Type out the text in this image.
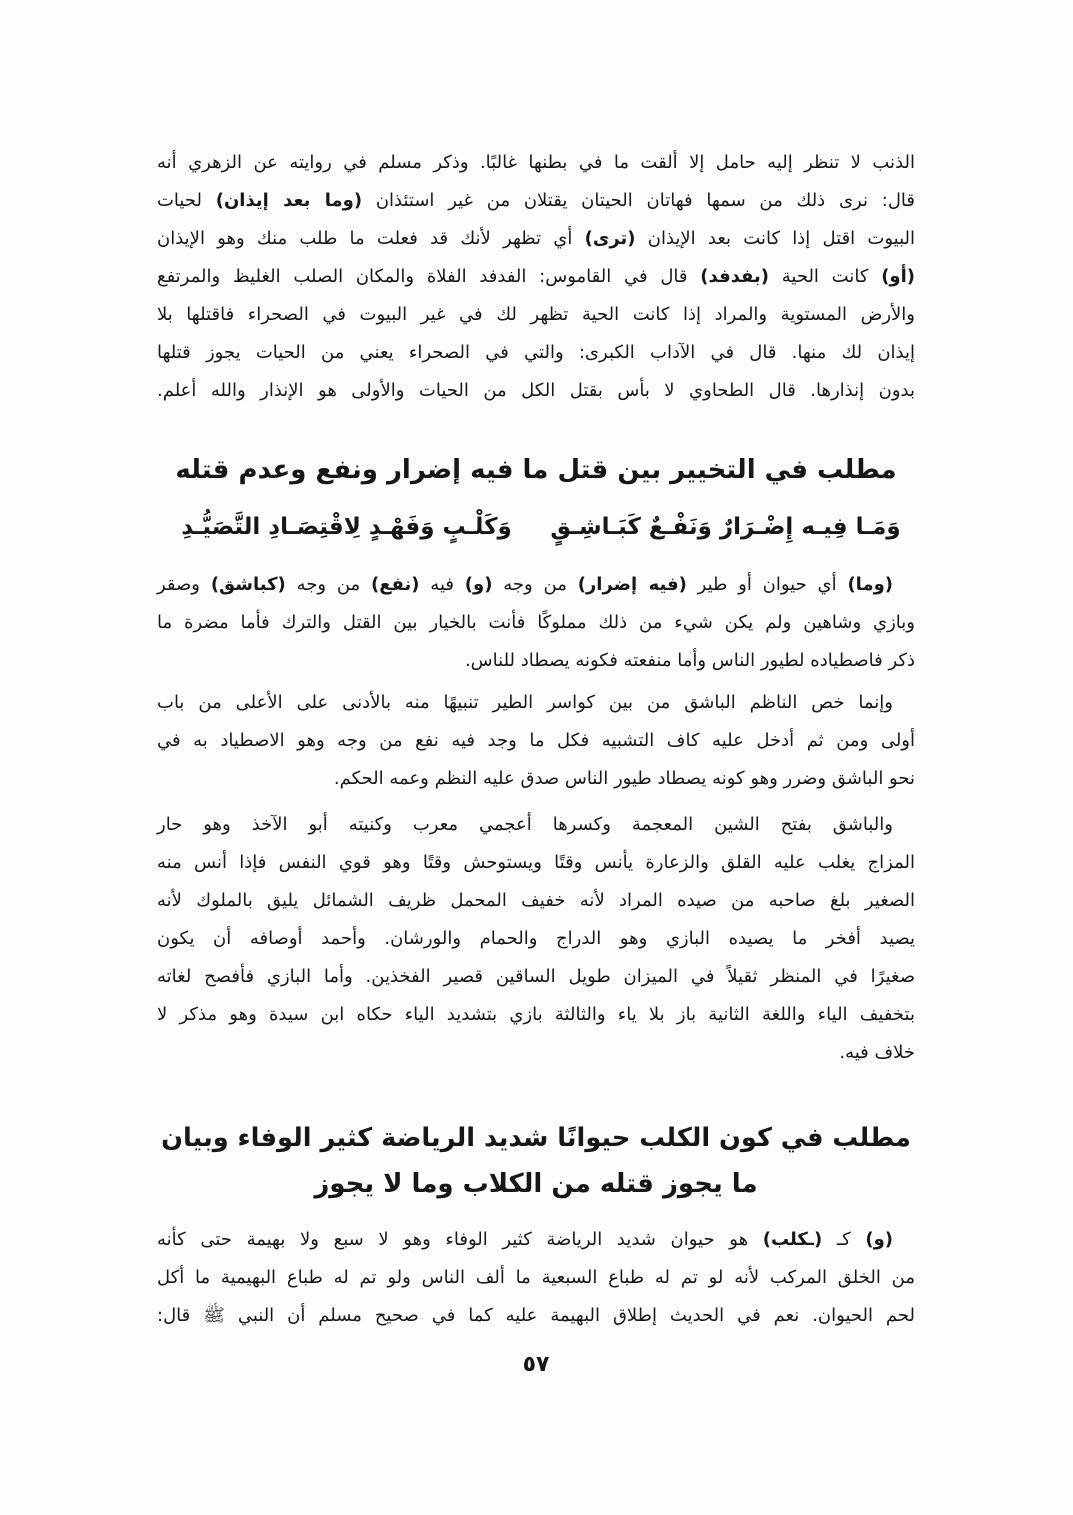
الذنب لا تنظر إليه حامل إلا ألقت ما في بطنها غالبًا. وذكر مسلم في روايته عن الزهري أنه
قال: نرى ذلك من سمها فهاتان الحيتان يقتلان من غير استئذان (وما بعد إيذان) لحيات
البيوت اقتل إذا كانت بعد الإيذان (ترى) أي تظهر لأنك قد فعلت ما طلب منك وهو الإيذان
(أو) كانت الحية (بفدفد) قال في القاموس: الفدفد الفلاة والمكان الصلب الغليظ والمرتفع
والأرض المستوية والمراد إذا كانت الحية تظهر لك في غير البيوت في الصحراء فاقتلها بلا
إيذان لك منها. قال في الآداب الكبرى: والتي في الصحراء يعني من الحيات يجوز قتلها
بدون إنذارها. قال الطحاوي لا بأس بقتل الكل من الحيات والأولى هو الإنذار والله أعلم.
مطلب في التخيير بين قتل ما فيه إضرار ونفع وعدم قتله
وَمَـا فِيـه إِضْـرَارٌ وَنَفْـعٌ كَبَـاشِـقٍ
وَكَلْـبٍ وَفَهْـدٍ لِاقْتِصَـادِ التَّصَيُّـدِ
(وما) أي حيوان أو طير (فيه إضرار) من وجه (و) فيه (نفع) من وجه (كباشق) وصقر
وبازي وشاهين ولم يكن شيء من ذلك مملوكًا فأنت بالخيار بين القتل والترك فأما مضرة ما
ذكر فاصطياده لطيور الناس وأما منفعته فكونه يصطاد للناس.
وإنما خص الناظم الباشق من بين كواسر الطير تنبيهًا منه بالأدنى على الأعلى من باب
أولى ومن ثم أدخل عليه كاف التشبيه فكل ما وجد فيه نفع من وجه وهو الاصطياد به في
نحو الباشق وضرر وهو كونه يصطاد طيور الناس صدق عليه النظم وعمه الحكم.
والباشق بفتح الشين المعجمة وكسرها أعجمي معرب وكنيته أبو الآخذ وهو حار
المزاج يغلب عليه القلق والزعارة يأنس وقتًا ويستوحش وقتًا وهو قوي النفس فإذا أنس منه
الصغير بلغ صاحبه من صيده المراد لأنه خفيف المحمل ظريف الشمائل يليق بالملوك لأنه
يصيد أفخر ما يصيده البازي وهو الدراج والحمام والورشان. وأحمد أوصافه أن يكون
صغيرًا في المنظر ثقيلاً في الميزان طويل الساقين قصير الفخذين. وأما البازي فأفصح لغاته
بتخفيف الياء واللغة الثانية باز بلا ياء والثالثة بازي بتشديد الياء حكاه ابن سيدة وهو مذكر لا
خلاف فيه.
مطلب في كون الكلب حيوانًا شديد الرياضة كثير الوفاء وبيان
ما يجوز قتله من الكلاب وما لا يجوز
(و) كـ (ـكلب) هو حيوان شديد الرياضة كثير الوفاء وهو لا سبع ولا بهيمة حتى كأنه
من الخلق المركب لأنه لو تم له طباع السبعية ما ألف الناس ولو تم له طباع البهيمية ما أكل
لحم الحيوان. نعم في الحديث إطلاق البهيمة عليه كما في صحيح مسلم أن النبي ﷺ قال:
٥٧
